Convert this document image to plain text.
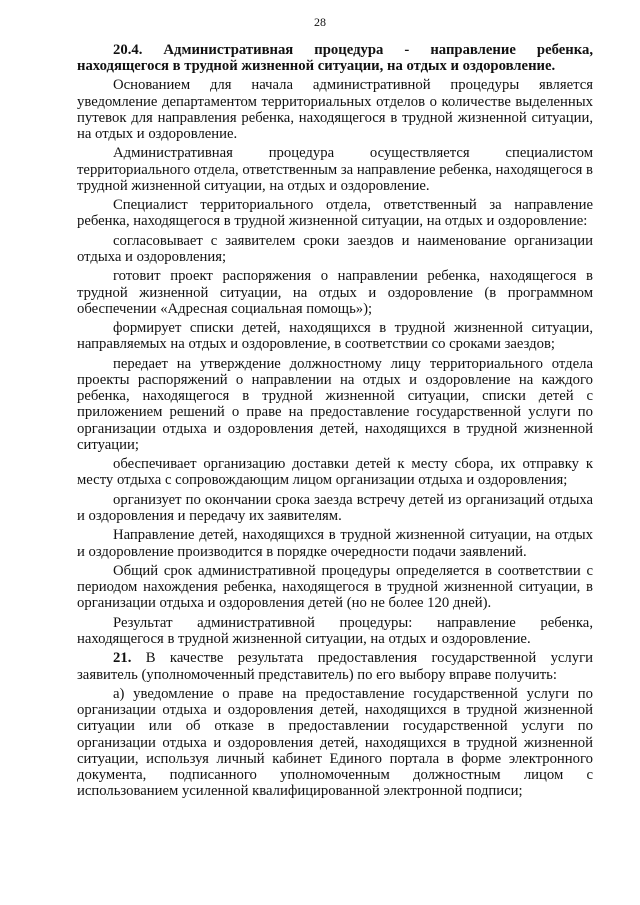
28

20.4. Административная процедура - направление ребенка, находящегося в трудной жизненной ситуации, на отдых и оздоровление.

Основанием для начала административной процедуры является уведомление департаментом территориальных отделов о количестве выделенных путевок для направления ребенка, находящегося в трудной жизненной ситуации, на отдых и оздоровление.

Административная процедура осуществляется специалистом территориального отдела, ответственным за направление ребенка, находящегося в трудной жизненной ситуации, на отдых и оздоровление.

Специалист территориального отдела, ответственный за направление ребенка, находящегося в трудной жизненной ситуации, на отдых и оздоровление:

согласовывает с заявителем сроки заездов и наименование организации отдыха и оздоровления;

готовит проект распоряжения о направлении ребенка, находящегося в трудной жизненной ситуации, на отдых и оздоровление (в программном обеспечении «Адресная социальная помощь»);

формирует списки детей, находящихся в трудной жизненной ситуации, направляемых на отдых и оздоровление, в соответствии со сроками заездов;

передает на утверждение должностному лицу территориального отдела проекты распоряжений о направлении на отдых и оздоровление на каждого ребенка, находящегося в трудной жизненной ситуации, списки детей с приложением решений о праве на предоставление государственной услуги по организации отдыха и оздоровления детей, находящихся в трудной жизненной ситуации;

обеспечивает организацию доставки детей к месту сбора, их отправку к месту отдыха с сопровождающим лицом организации отдыха и оздоровления;

организует по окончании срока заезда встречу детей из организаций отдыха и оздоровления и передачу их заявителям.

Направление детей, находящихся в трудной жизненной ситуации, на отдых и оздоровление производится в порядке очередности подачи заявлений.

Общий срок административной процедуры определяется в соответствии с периодом нахождения ребенка, находящегося в трудной жизненной ситуации, в организации отдыха и оздоровления детей (но не более 120 дней).

Результат административной процедуры: направление ребенка, находящегося в трудной жизненной ситуации, на отдых и оздоровление.

21. В качестве результата предоставления государственной услуги заявитель (уполномоченный представитель) по его выбору вправе получить:

а) уведомление о праве на предоставление государственной услуги по организации отдыха и оздоровления детей, находящихся в трудной жизненной ситуации или об отказе в предоставлении государственной услуги по организации отдыха и оздоровления детей, находящихся в трудной жизненной ситуации, используя личный кабинет Единого портала в форме электронного документа, подписанного уполномоченным должностным лицом с использованием усиленной квалифицированной электронной подписи;
